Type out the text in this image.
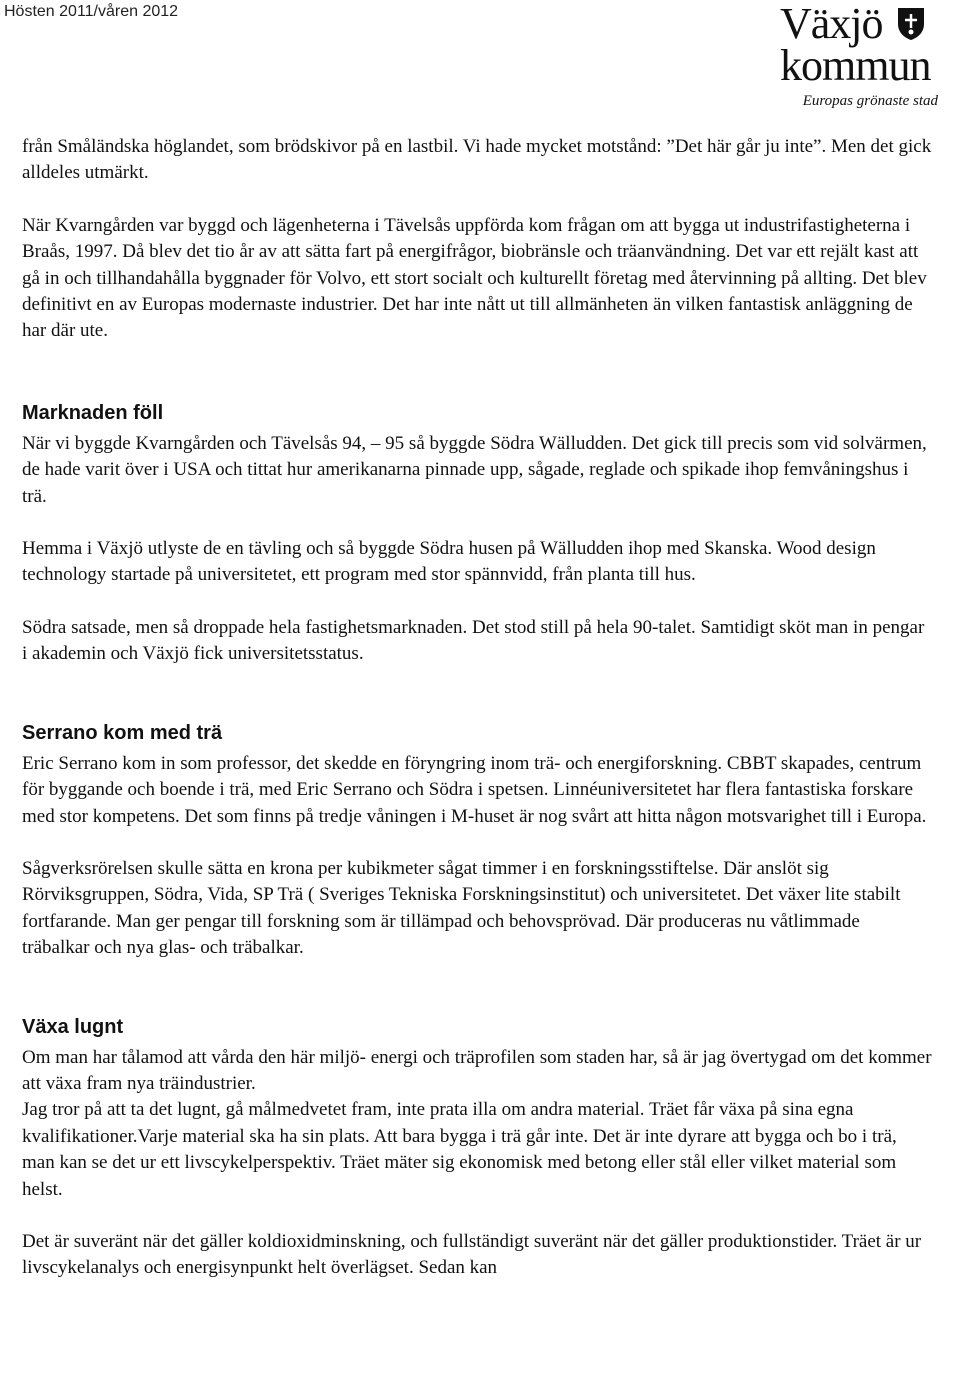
Hösten 2011/våren 2012	Växjö
kommun
Europas grönaste stad

från Småländska höglandet, som brödskivor på en lastbil. Vi hade mycket motstånd: ”Det här går ju inte”. Men det gick alldeles utmärkt.

När Kvarngården var byggd och lägenheterna i Tävelsås uppförda kom frågan om att bygga ut industrifastigheterna i Braås, 1997. Då blev det tio år av att sätta fart på energifrågor, biobränsle och träanvändning. Det var ett rejält kast att gå in och tillhandahålla byggnader för Volvo, ett stort socialt och kulturellt företag med återvinning på allting. Det blev definitivt en av Europas modernaste industrier. Det har inte nått ut till allmänheten än vilken fantastisk anläggning de har där ute.

Marknaden föll

När vi byggde Kvarngården och Tävelsås 94, – 95 så byggde Södra Wälludden. Det gick till precis som vid solvärmen, de hade varit över i USA och tittat hur amerikanarna pinnade upp, sågade, reglade och spikade ihop femvåningshus i trä.

Hemma i Växjö utlyste de en tävling och så byggde Södra husen på Wälludden ihop med Skanska. Wood design technology startade på universitetet, ett program med stor spännvidd, från planta till hus.

Södra satsade, men så droppade hela fastighetsmarknaden. Det stod still på hela 90-talet. Samtidigt sköt man in pengar i akademin och Växjö fick universitetsstatus.

Serrano kom med trä

Eric Serrano kom in som professor, det skedde en föryngring inom trä- och energiforskning. CBBT skapades, centrum för byggande och boende i trä, med Eric Serrano och Södra i spetsen. Linnéuniversitetet har flera fantastiska forskare med stor kompetens. Det som finns på tredje våningen i M-huset är nog svårt att hitta någon motsvarighet till i Europa.

Sågverksrörelsen skulle sätta en krona per kubikmeter sågat timmer i en forskningsstiftelse. Där anslöt sig Rörviksgruppen, Södra, Vida, SP Trä ( Sveriges Tekniska Forskningsinstitut) och universitetet. Det växer lite stabilt fortfarande. Man ger pengar till forskning som är tillämpad och behovsprövad. Där produceras nu våtlimmade träbalkar och nya glas- och träbalkar.

Växa lugnt

Om man har tålamod att vårda den här miljö- energi och träprofilen som staden har, så är jag övertygad om det kommer att växa fram nya träindustrier.

Jag tror på att ta det lugnt, gå målmedvetet fram, inte prata illa om andra material. Träet får växa på sina egna kvalifikationer.Varje material ska ha sin plats. Att bara bygga i trä går inte. Det är inte dyrare att bygga och bo i trä, man kan se det ur ett livscykelperspektiv. Träet mäter sig ekonomisk med betong eller stål eller vilket material som helst.

Det är suveränt när det gäller koldioxidminskning, och fullständigt suveränt när det gäller produktionstider. Träet är ur livscykelanalys och energisynpunkt helt överlägset. Sedan kan
